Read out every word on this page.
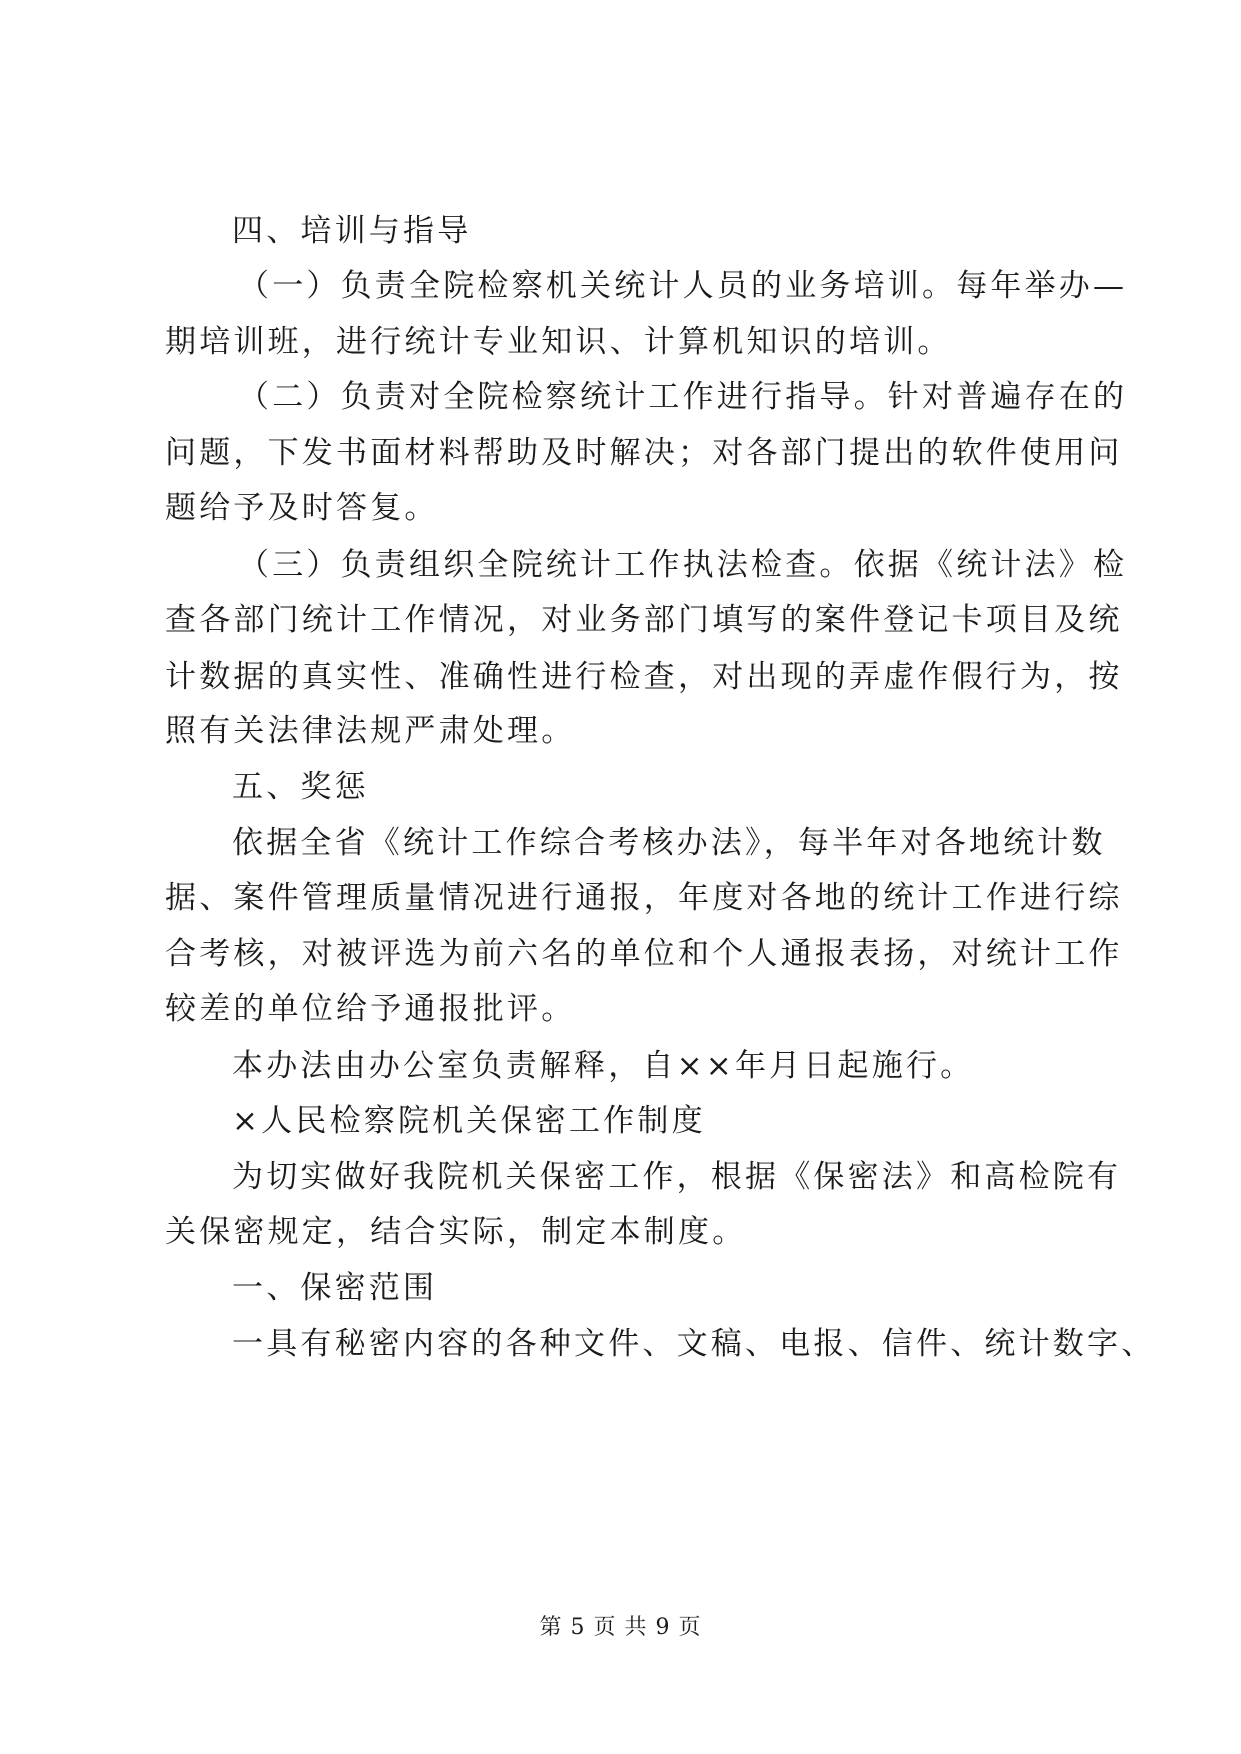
四、培训与指导
（一）负责全院检察机关统计人员的业务培训。每年举办—
期培训班，进行统计专业知识、计算机知识的培训。
（二）负责对全院检察统计工作进行指导。针对普遍存在的
问题，下发书面材料帮助及时解决；对各部门提出的软件使用问
题给予及时答复。
（三）负责组织全院统计工作执法检查。依据《统计法》检
查各部门统计工作情况，对业务部门填写的案件登记卡项目及统
计数据的真实性、准确性进行检查，对出现的弄虚作假行为，按
照有关法律法规严肃处理。
五、奖惩
依据全省《统计工作综合考核办法》，每半年对各地统计数
据、案件管理质量情况进行通报，年度对各地的统计工作进行综
合考核，对被评选为前六名的单位和个人通报表扬，对统计工作
较差的单位给予通报批评。
本办法由办公室负责解释，自××年月日起施行。
×人民检察院机关保密工作制度
为切实做好我院机关保密工作，根据《保密法》和高检院有
关保密规定，结合实际，制定本制度。
一、保密范围
一具有秘密内容的各种文件、文稿、电报、信件、统计数字、
第 5 页 共 9 页
